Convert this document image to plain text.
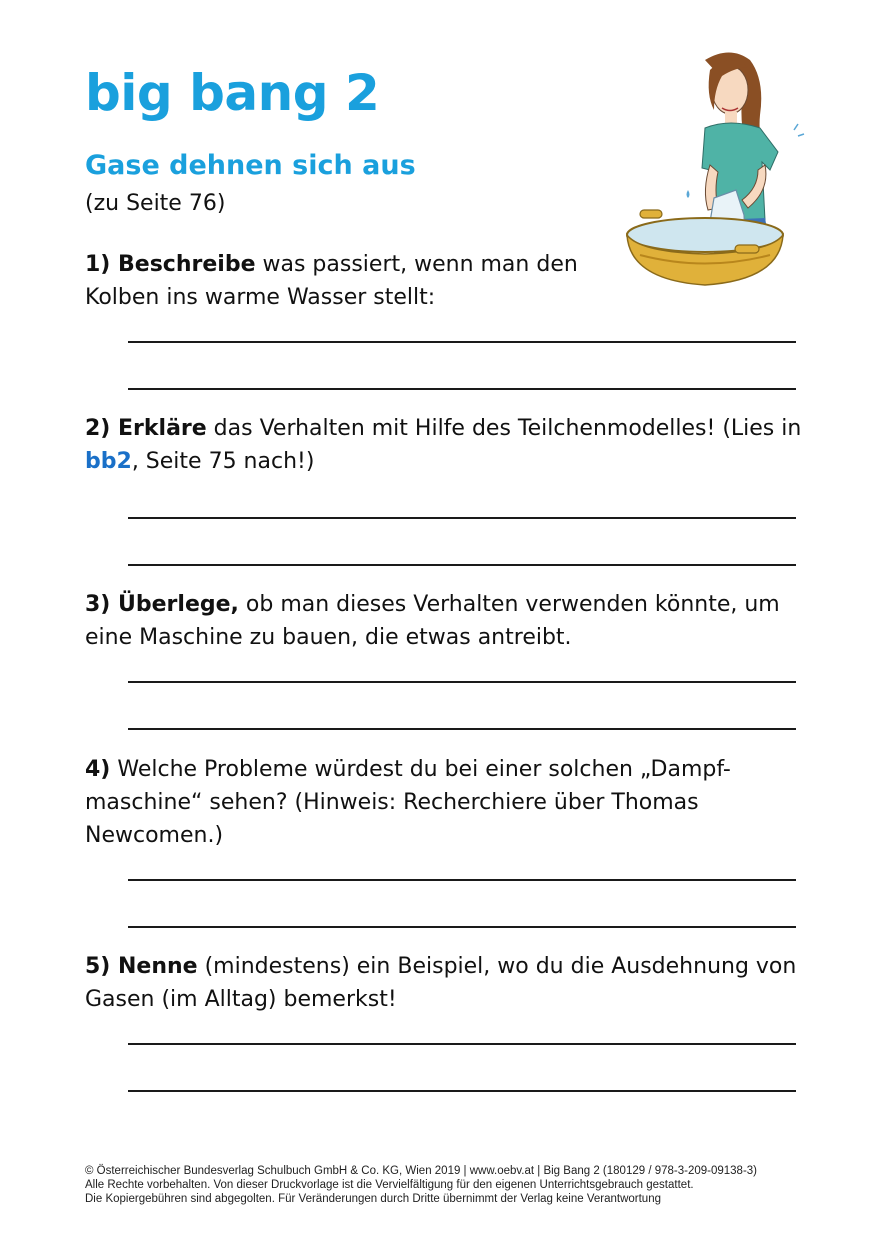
big bang 2
Gase dehnen sich aus
(zu Seite 76)
1) Beschreibe was passiert, wenn man den
Kolben ins warme Wasser stellt:
2) Erkläre das Verhalten mit Hilfe des Teilchenmodelles! (Lies in
bb2, Seite 75 nach!)
3) Überlege, ob man dieses Verhalten verwenden könnte, um
eine Maschine zu bauen, die etwas antreibt.
4) Welche Probleme würdest du bei einer solchen „Dampf-
maschine“ sehen? (Hinweis: Recherchiere über Thomas
Newcomen.)
5) Nenne (mindestens) ein Beispiel, wo du die Ausdehnung von
Gasen (im Alltag) bemerkst!
© Österreichischer Bundesverlag Schulbuch GmbH & Co. KG, Wien 2019 | www.oebv.at | Big Bang 2 (180129 / 978-3-209-09138-3)
Alle Rechte vorbehalten. Von dieser Druckvorlage ist die Vervielfältigung für den eigenen Unterrichtsgebrauch gestattet.
Die Kopiergebühren sind abgegolten. Für Veränderungen durch Dritte übernimmt der Verlag keine Verantwortung
